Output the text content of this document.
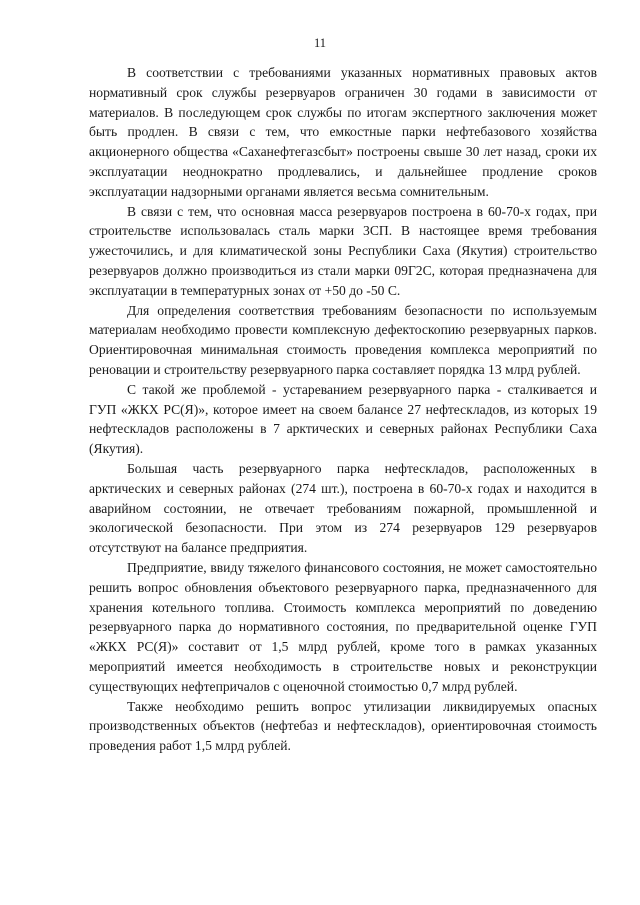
11

В соответствии с требованиями указанных нормативных правовых актов нормативный срок службы резервуаров ограничен 30 годами в зависимости от материалов. В последующем срок службы по итогам экспертного заключения может быть продлен. В связи с тем, что емкостные парки нефтебазового хозяйства акционерного общества «Саханефтегазсбыт» построены свыше 30 лет назад, сроки их эксплуатации неоднократно продлевались, и дальнейшее продление сроков эксплуатации надзорными органами является весьма сомнительным.

В связи с тем, что основная масса резервуаров построена в 60-70-х годах, при строительстве использовалась сталь марки 3СП. В настоящее время требования ужесточились, и для климатической зоны Республики Саха (Якутия) строительство резервуаров должно производиться из стали марки 09Г2С, которая предназначена для эксплуатации в температурных зонах от +50 до -50 С.

Для определения соответствия требованиям безопасности по используемым материалам необходимо провести комплексную дефектоскопию резервуарных парков. Ориентировочная минимальная стоимость проведения комплекса мероприятий по реновации и строительству резервуарного парка составляет порядка 13 млрд рублей.

С такой же проблемой - устареванием резервуарного парка - сталкивается и ГУП «ЖКХ РС(Я)», которое имеет на своем балансе 27 нефтескладов, из которых 19 нефтескладов расположены в 7 арктических и северных районах Республики Саха (Якутия).

Большая часть резервуарного парка нефтескладов, расположенных в арктических и северных районах (274 шт.), построена в 60-70-х годах и находится в аварийном состоянии, не отвечает требованиям пожарной, промышленной и экологической безопасности. При этом из 274 резервуаров 129 резервуаров отсутствуют на балансе предприятия.

Предприятие, ввиду тяжелого финансового состояния, не может самостоятельно решить вопрос обновления объектового резервуарного парка, предназначенного для хранения котельного топлива. Стоимость комплекса мероприятий по доведению резервуарного парка до нормативного состояния, по предварительной оценке ГУП «ЖКХ РС(Я)» составит от 1,5 млрд рублей, кроме того в рамках указанных мероприятий имеется необходимость в строительстве новых и реконструкции существующих нефтепричалов с оценочной стоимостью 0,7 млрд рублей.

Также необходимо решить вопрос утилизации ликвидируемых опасных производственных объектов (нефтебаз и нефтескладов), ориентировочная стоимость проведения работ 1,5 млрд рублей.
